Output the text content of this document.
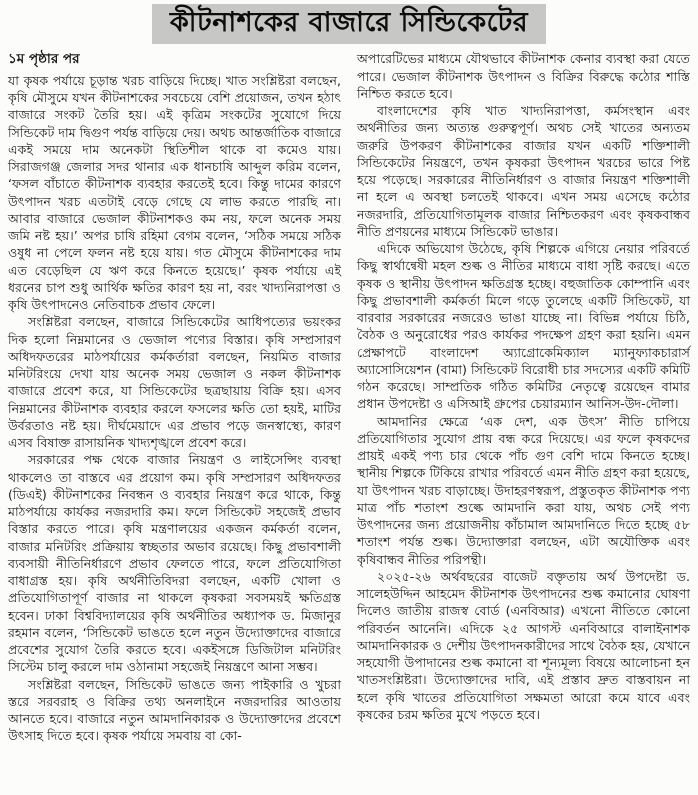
কীটনাশকের বাজারে সিন্ডিকেটের
১ম পৃষ্ঠার পর

যা কৃষক পর্যায়ে চূড়ান্ত খরচ বাড়িয়ে দিচ্ছে। খাত সংশ্লিষ্টরা বলছেন, কৃষি মৌসুমে যখন কীটনাশকের সবচেয়ে বেশি প্রয়োজন, তখন হঠাৎ বাজারে সংকট তৈরি হয়। এই কৃত্রিম সংকটের সুযোগে দিয়ে সিন্ডিকেট দাম দ্বিগুণ পর্যন্ত বাড়িয়ে দেয়। অথচ আন্তর্জাতিক বাজারে একই সময়ে দাম অনেকটা স্থিতিশীল থাকে বা কমেও যায়। সিরাজগঞ্জ জেলার সদর থানার এক ধানচাষি আব্দুল করিম বলেন, ‘ফসল বাঁচাতে কীটনাশক ব্যবহার করতেই হবে। কিন্তু দামের কারণে উৎপাদন খরচ এতটাই বেড়ে গেছে যে লাভ করতে পারছি না। আবার বাজারে ভেজাল কীটনাশকও কম নয়, ফলে অনেক সময় জমি নষ্ট হয়।’ অপর চাষি রহিমা বেগম বলেন, ‘সঠিক সময়ে সঠিক ওষুধ না পেলে ফলন নষ্ট হয়ে যায়। গত মৌসুমে কীটনাশকের দাম এত বেড়েছিল যে ঋণ করে কিনতে হয়েছে।’ কৃষক পর্যায়ে এই ধরনের চাপ শুধু আর্থিক ক্ষতির কারণ হয় না, বরং খাদ্যনিরাপত্তা ও কৃষি উৎপাদনেও নেতিবাচক প্রভাব ফেলে।

সংশ্লিষ্টরা বলছেন, বাজারে সিন্ডিকেটের আধিপত্যের ভয়ংকর দিক হলো নিম্নমানের ও ভেজাল পণ্যের বিস্তার। কৃষি সম্প্রসারণ অধিদফতরের মাঠপর্যায়ের কর্মকর্তারা বলছেন, নিয়মিত বাজার মনিটরিংয়ে দেখা যায় অনেক সময় ভেজাল ও নকল কীটনাশক বাজারে প্রবেশ করে, যা সিন্ডিকেটের ছত্রছায়ায় বিক্রি হয়। এসব নিম্নমানের কীটনাশক ব্যবহার করলে ফসলের ক্ষতি তো হয়ই, মাটির উর্বরতাও নষ্ট হয়। দীর্ঘমেয়াদে এর প্রভাব পড়ে জনস্বাস্থ্যে, কারণ এসব বিষাক্ত রাসায়নিক খাদ্যশৃঙ্খলে প্রবেশ করে।

সরকারের পক্ষ থেকে বাজার নিয়ন্ত্রণ ও লাইসেন্সিং ব্যবস্থা থাকলেও তা বাস্তবে এর প্রয়োগ কম। কৃষি সম্প্রসারণ অধিদফতর (ডিএই) কীটনাশকের নিবন্ধন ও ব্যবহার নিয়ন্ত্রণ করে থাকে, কিন্তু মাঠপর্যায়ে কার্যকর নজরদারি কম। ফলে সিন্ডিকেট সহজেই প্রভাব বিস্তার করতে পারে। কৃষি মন্ত্রণালয়ের একজন কর্মকর্তা বলেন, বাজার মনিটরিং প্রক্রিয়ায় স্বচ্ছতার অভাব রয়েছে। কিছু প্রভাবশালী ব্যবসায়ী নীতিনির্ধারণে প্রভাব ফেলতে পারে, ফলে প্রতিযোগিতা বাধাগ্রস্ত হয়। কৃষি অর্থনীতিবিদরা বলছেন, একটি খোলা ও প্রতিযোগিতাপূর্ণ বাজার না থাকলে কৃষকরা সবসময়ই ক্ষতিগ্রস্ত হবেন। ঢাকা বিশ্ববিদ্যালয়ের কৃষি অর্থনীতির অধ্যাপক ড. মিজানুর রহমান বলেন, ‘সিন্ডিকেট ভাঙতে হলে নতুন উদ্যোক্তাদের বাজারে প্রবেশের সুযোগ তৈরি করতে হবে। একইসঙ্গে ডিজিটাল মনিটরিং সিস্টেম চালু করলে দাম ওঠানামা সহজেই নিয়ন্ত্রণে আনা সম্ভব।

সংশ্লিষ্টরা বলছেন, সিন্ডিকেট ভাঙতে জন্য পাইকারি ও খুচরা স্তরে সরবরাহ ও বিক্রির তথ্য অনলাইনে নজরদারির আওতায় আনতে হবে। বাজারে নতুন আমদানিকারক ও উদ্যোক্তাদের প্রবেশে উৎসাহ দিতে হবে। কৃষক পর্যায়ে সমবায় বা কো-

অপারেটিভের মাধ্যমে যৌথভাবে কীটনাশক কেনার ব্যবস্থা করা যেতে পারে। ভেজাল কীটনাশক উৎপাদন ও বিক্রির বিরুদ্ধে কঠোর শাস্তি নিশ্চিত করতে হবে।

বাংলাদেশের কৃষি খাত খাদ্যনিরাপত্তা, কর্মসংস্থান এবং অর্থনীতির জন্য অত্যন্ত গুরুত্বপূর্ণ। অথচ সেই খাতের অন্যতম জরুরি উপকরণ কীটনাশকের বাজার যখন একটি শক্তিশালী সিন্ডিকেটের নিয়ন্ত্রণে, তখন কৃষকরা উৎপাদন খরচের ভারে পিষ্ট হয়ে পড়েছে। সরকারের নীতিনির্ধারণ ও বাজার নিয়ন্ত্রণ শক্তিশালী না হলে এ অবস্থা চলতেই থাকবে। এখন সময় এসেছে কঠোর নজরদারি, প্রতিযোগিতামূলক বাজার নিশ্চিতকরণ এবং কৃষকবান্ধব নীতি প্রণয়নের মাধ্যমে সিন্ডিকেট ভাঙার।

এদিকে অভিযোগ উঠেছে, কৃষি শিল্পকে এগিয়ে নেয়ার পরিবর্তে কিছু স্বার্থান্বেষী মহল শুল্ক ও নীতির মাধ্যমে বাধা সৃষ্টি করছে। এতে কৃষক ও স্থানীয় উৎপাদন ক্ষতিগ্রস্ত হচ্ছে। বহুজাতিক কোম্পানি এবং কিছু প্রভাবশালী কর্মকর্তা মিলে গড়ে তুলেছে একটি সিন্ডিকেট, যা বারবার সরকারের নজরেও ভাঙা যাচ্ছে না। বিভিন্ন পর্যায়ে চিঠি, বৈঠক ও অনুরোধের পরও কার্যকর পদক্ষেপ গ্রহণ করা হয়নি। এমন প্রেক্ষাপটে বাংলাদেশ অ্যাগ্রোকেমিক্যাল ম্যানুফ্যাকচারার্স অ্যাসোসিয়েশন (বামা) সিন্ডিকেট বিরোধী চার সদস্যের একটি কমিটি গঠন করেছে। সাম্প্রতিক গঠিত কমিটির নেতৃত্বে রয়েছেন বামার প্রধান উপদেষ্টা ও এসিআই গ্রুপের চেয়ারম্যান আনিস-উদ-দৌলা।

আমদানির ক্ষেত্রে ‘এক দেশ, এক উৎস’ নীতি চাপিয়ে প্রতিযোগিতার সুযোগ প্রায় বন্ধ করে দিয়েছে। এর ফলে কৃষকদের প্রায়ই একই পণ্য চার থেকে পাঁচ গুণ বেশি দামে কিনতে হচ্ছে। স্থানীয় শিল্পকে টিকিয়ে রাখার পরিবর্তে এমন নীতি গ্রহণ করা হয়েছে, যা উৎপাদন খরচ বাড়াচ্ছে। উদাহরণস্বরূপ, প্রস্তুতকৃত কীটনাশক পণ্য মাত্র পাঁচ শতাংশ শুল্কে আমদানি করা যায়, অথচ সেই পণ্য উৎপাদনের জন্য প্রয়োজনীয় কাঁচামাল আমদানিতে দিতে হচ্ছে ৫৮ শতাংশ পর্যন্ত শুল্ক। উদ্যোক্তারা বলছেন, এটা অযৌক্তিক এবং কৃষিবান্ধব নীতির পরিপন্থী।

২০২৫-২৬ অর্থবছরের বাজেট বক্তৃতায় অর্থ উপদেষ্টা ড. সালেহউদ্দিন আহমেদ কীটনাশক উৎপাদনের শুল্ক কমানোর ঘোষণা দিলেও জাতীয় রাজস্ব বোর্ড (এনবিআর) এখনো নীতিতে কোনো পরিবর্তন আনেনি। এদিকে ২৫ আগস্ট এনবিআরে বালাইনাশক আমদানিকারক ও দেশীয় উৎপাদনকারীদের সাথে বৈঠক হয়, যেখানে সহযোগী উপাদানের শুল্ক কমানো বা শূন্যমূল্য বিষয়ে আলোচনা হন খাতসংশ্লিষ্টরা। উদ্যোক্তাদের দাবি, এই প্রস্তাব দ্রুত বাস্তবায়ন না হলে কৃষি খাতের প্রতিযোগিতা সক্ষমতা আরো কমে যাবে এবং কৃষকের চরম ক্ষতির মুখে পড়তে হবে।
